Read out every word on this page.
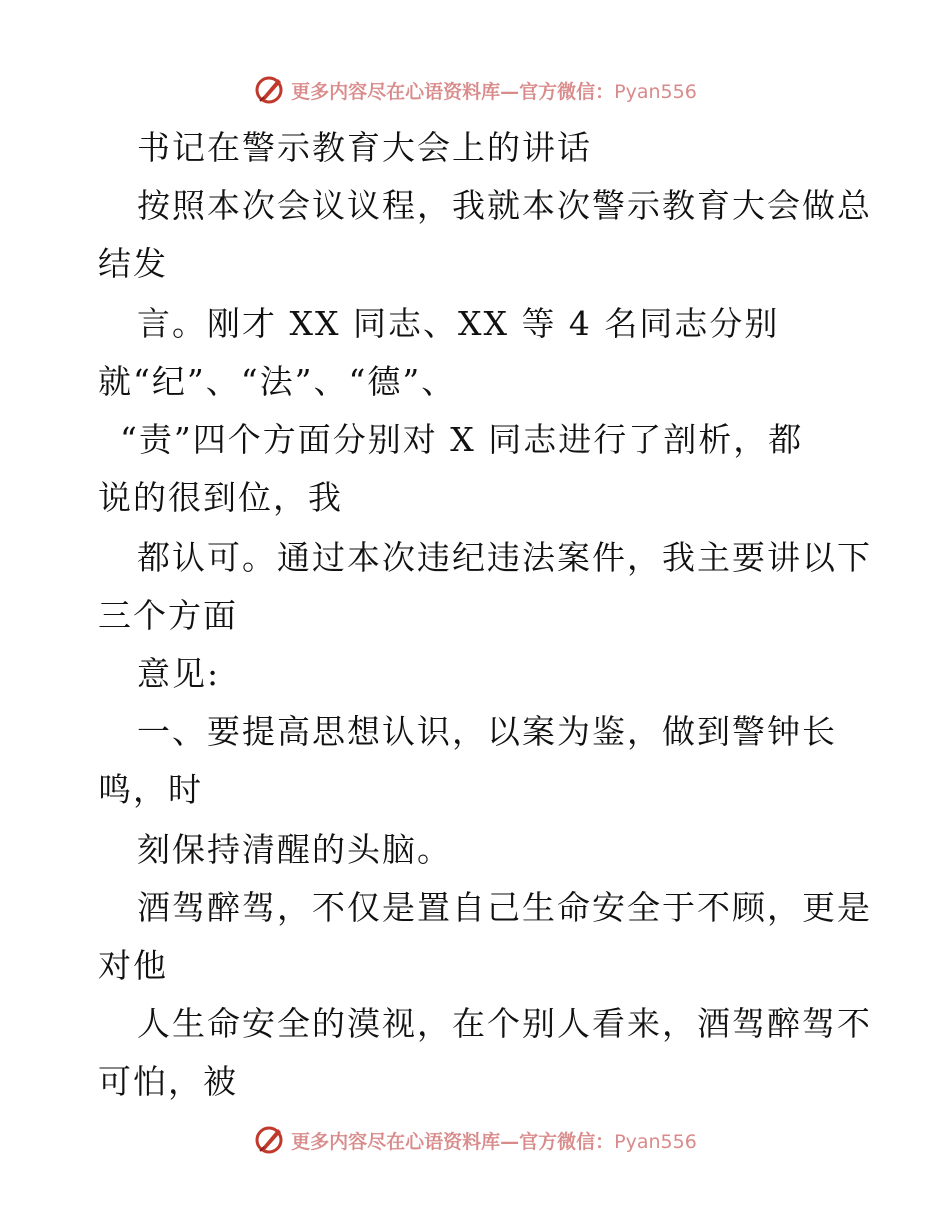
更多内容尽在心语资料库—官方微信：Pyan556
书记在警示教育大会上的讲话
按照本次会议议程，我就本次警示教育大会做总
结发
言。刚才 XX 同志、XX 等 4 名同志分别
就“纪”、“法”、“德”、
“责”四个方面分别对 X 同志进行了剖析，都
说的很到位，我
都认可。通过本次违纪违法案件，我主要讲以下
三个方面
意见:
一、要提高思想认识，以案为鉴，做到警钟长
鸣，时
刻保持清醒的头脑。
酒驾醉驾，不仅是置自己生命安全于不顾，更是
对他
人生命安全的漠视，在个别人看来，酒驾醉驾不
可怕，被
更多内容尽在心语资料库—官方微信：Pyan556
